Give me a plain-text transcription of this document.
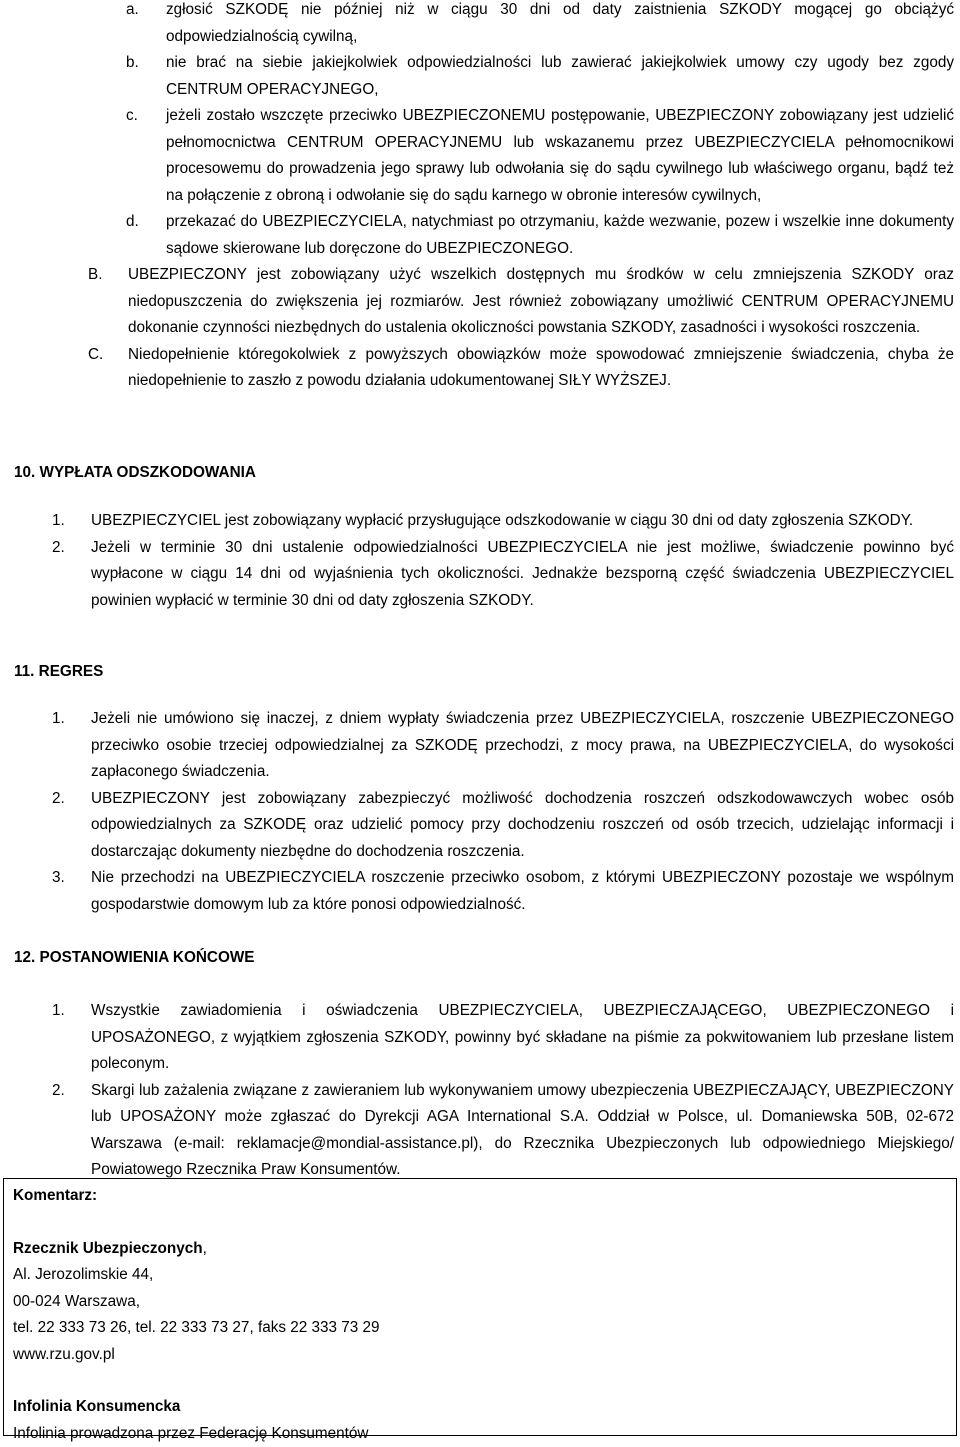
a. zgłosić SZKODĘ nie później niż w ciągu 30 dni od daty zaistnienia SZKODY mogącej go obciążyć odpowiedzialnością cywilną,
b. nie brać na siebie jakiejkolwiek odpowiedzialności lub zawierać jakiejkolwiek umowy czy ugody bez zgody CENTRUM OPERACYJNEGO,
c. jeżeli zostało wszczęte przeciwko UBEZPIECZONEMU postępowanie, UBEZPIECZONY zobowiązany jest udzielić pełnomocnictwa CENTRUM OPERACYJNEMU lub wskazanemu przez UBEZPIECZYCIELA pełnomocnikowi procesowemu do prowadzenia jego sprawy lub odwołania się do sądu cywilnego lub właściwego organu, bądź też na połączenie z obroną i odwołanie się do sądu karnego w obronie interesów cywilnych,
d. przekazać do UBEZPIECZYCIELA, natychmiast po otrzymaniu, każde wezwanie, pozew i wszelkie inne dokumenty sądowe skierowane lub doręczone do UBEZPIECZONEGO.
B. UBEZPIECZONY jest zobowiązany użyć wszelkich dostępnych mu środków w celu zmniejszenia SZKODY oraz niedopuszczenia do zwiększenia jej rozmiarów. Jest również zobowiązany umożliwić CENTRUM OPERACYJNEMU dokonanie czynności niezbędnych do ustalenia okoliczności powstania SZKODY, zasadności i wysokości roszczenia.
C. Niedopełnienie któregokolwiek z powyższych obowiązków może spowodować zmniejszenie świadczenia, chyba że niedopełnienie to zaszło z powodu działania udokumentowanej SIŁY WYŻSZEJ.
10. WYPŁATA ODSZKODOWANIA
1. UBEZPIECZYCIEL jest zobowiązany wypłacić przysługujące odszkodowanie w ciągu 30 dni od daty zgłoszenia SZKODY.
2. Jeżeli w terminie 30 dni ustalenie odpowiedzialności UBEZPIECZYCIELA nie jest możliwe, świadczenie powinno być wypłacone w ciągu 14 dni od wyjaśnienia tych okoliczności. Jednakże bezsporną część świadczenia UBEZPIECZYCIEL powinien wypłacić w terminie 30 dni od daty zgłoszenia SZKODY.
11. REGRES
1. Jeżeli nie umówiono się inaczej, z dniem wypłaty świadczenia przez UBEZPIECZYCIELA, roszczenie UBEZPIECZONEGO przeciwko osobie trzeciej odpowiedzialnej za SZKODĘ przechodzi, z mocy prawa, na UBEZPIECZYCIELA, do wysokości zapłaconego świadczenia.
2. UBEZPIECZONY jest zobowiązany zabezpieczyć możliwość dochodzenia roszczeń odszkodowawczych wobec osób odpowiedzialnych za SZKODĘ oraz udzielić pomocy przy dochodzeniu roszczeń od osób trzecich, udzielając informacji i dostarczając dokumenty niezbędne do dochodzenia roszczenia.
3. Nie przechodzi na UBEZPIECZYCIELA roszczenie przeciwko osobom, z którymi UBEZPIECZONY pozostaje we wspólnym gospodarstwie domowym lub za które ponosi odpowiedzialność.
12. POSTANOWIENIA KOŃCOWE
1. Wszystkie zawiadomienia i oświadczenia UBEZPIECZYCIELA, UBEZPIECZAJĄCEGO, UBEZPIECZONEGO i UPOSAŻONEGO, z wyjątkiem zgłoszenia SZKODY, powinny być składane na piśmie za pokwitowaniem lub przesłane listem poleconym.
2. Skargi lub zażalenia związane z zawieraniem lub wykonywaniem umowy ubezpieczenia UBEZPIECZAJĄCY, UBEZPIECZONY lub UPOSAŻONY może zgłaszać do Dyrekcji AGA International S.A. Oddział w Polsce, ul. Domaniewska 50B, 02-672 Warszawa (e-mail: reklamacje@mondial-assistance.pl), do Rzecznika Ubezpieczonych lub odpowiedniego Miejskiego/ Powiatowego Rzecznika Praw Konsumentów.
Komentarz:
Rzecznik Ubezpieczonych,
Al. Jerozolimskie 44,
00-024 Warszawa,
tel. 22 333 73 26, tel. 22 333 73 27, faks 22 333 73 29
www.rzu.gov.pl
Infolinia Konsumencka
Infolinia prowadzona przez Federację Konsumentów
